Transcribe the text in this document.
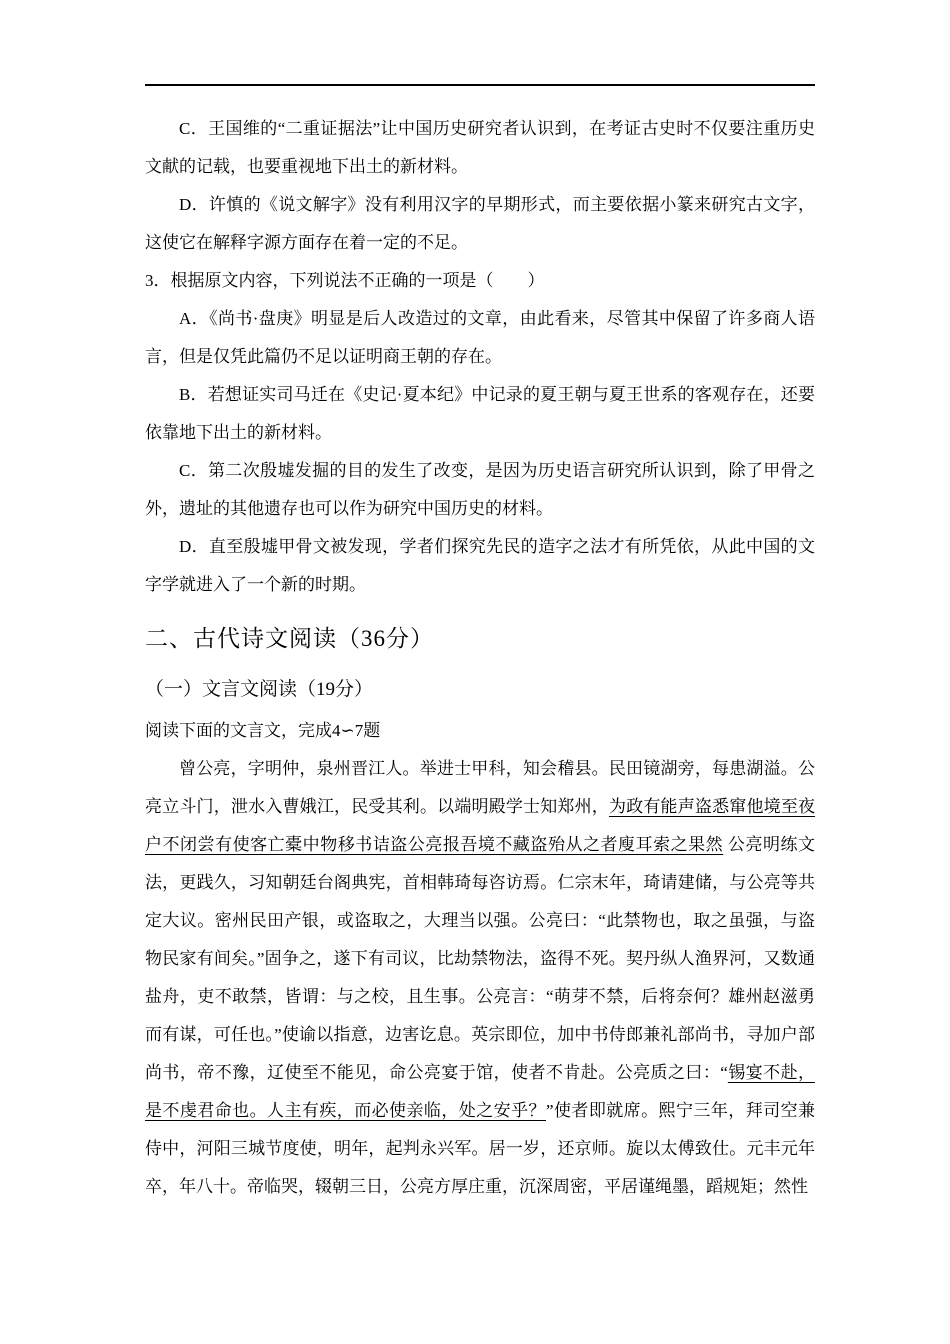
C．王国维的“二重证据法”让中国历史研究者认识到，在考证古史时不仅要注重历史文献的记载，也要重视地下出土的新材料。

D．许慎的《说文解字》没有利用汉字的早期形式，而主要依据小篆来研究古文字，这使它在解释字源方面存在着一定的不足。

3．根据原文内容，下列说法不正确的一项是（　　）

A．《尚书·盘庚》明显是后人改造过的文章，由此看来，尽管其中保留了许多商人语言，但是仅凭此篇仍不足以证明商王朝的存在。

B．若想证实司马迁在《史记·夏本纪》中记录的夏王朝与夏王世系的客观存在，还要依靠地下出土的新材料。

C．第二次殷墟发掘的目的发生了改变，是因为历史语言研究所认识到，除了甲骨之外，遗址的其他遗存也可以作为研究中国历史的材料。

D．直至殷墟甲骨文被发现，学者们探究先民的造字之法才有所凭依，从此中国的文字学就进入了一个新的时期。

二、古代诗文阅读（36分）
（一）文言文阅读（19分）

阅读下面的文言文，完成4∽7题

曾公亮，字明仲，泉州晋江人。举进士甲科，知会稽县。民田镜湖旁，每患湖溢。公亮立斗门，泄水入曹娥江，民受其利。以端明殿学士知郑州，为政有能声盗悉窜他境至夜户不闭尝有使客亡橐中物移书诘盗公亮报吾境不藏盗殆从之者廋耳索之果然 公亮明练文法，更践久，习知朝廷台阁典宪，首相韩琦每咨访焉。仁宗末年，琦请建储，与公亮等共定大议。密州民田产银，或盗取之，大理当以强。公亮曰：“此禁物也，取之虽强，与盗物民家有间矣。”固争之，遂下有司议，比劫禁物法，盗得不死。契丹纵人渔界河，又数通盐舟，吏不敢禁，皆谓：与之校，且生事。公亮言：“萌芽不禁，后将奈何？雄州赵滋勇而有谋，可任也。”使谕以指意，边害讫息。英宗即位，加中书侍郎兼礼部尚书，寻加户部尚书，帝不豫，辽使至不能见，命公亮宴于馆，使者不肯赴。公亮质之曰：“锡宴不赴，是不虔君命也。人主有疾，而必使亲临，处之安乎？”使者即就席。熙宁三年，拜司空兼侍中，河阳三城节度使，明年，起判永兴军。居一岁，还京师。旋以太傅致仕。元丰元年卒，年八十。帝临哭，辍朝三日，公亮方厚庄重，沉深周密，平居谨绳墨，蹈规矩；然性
